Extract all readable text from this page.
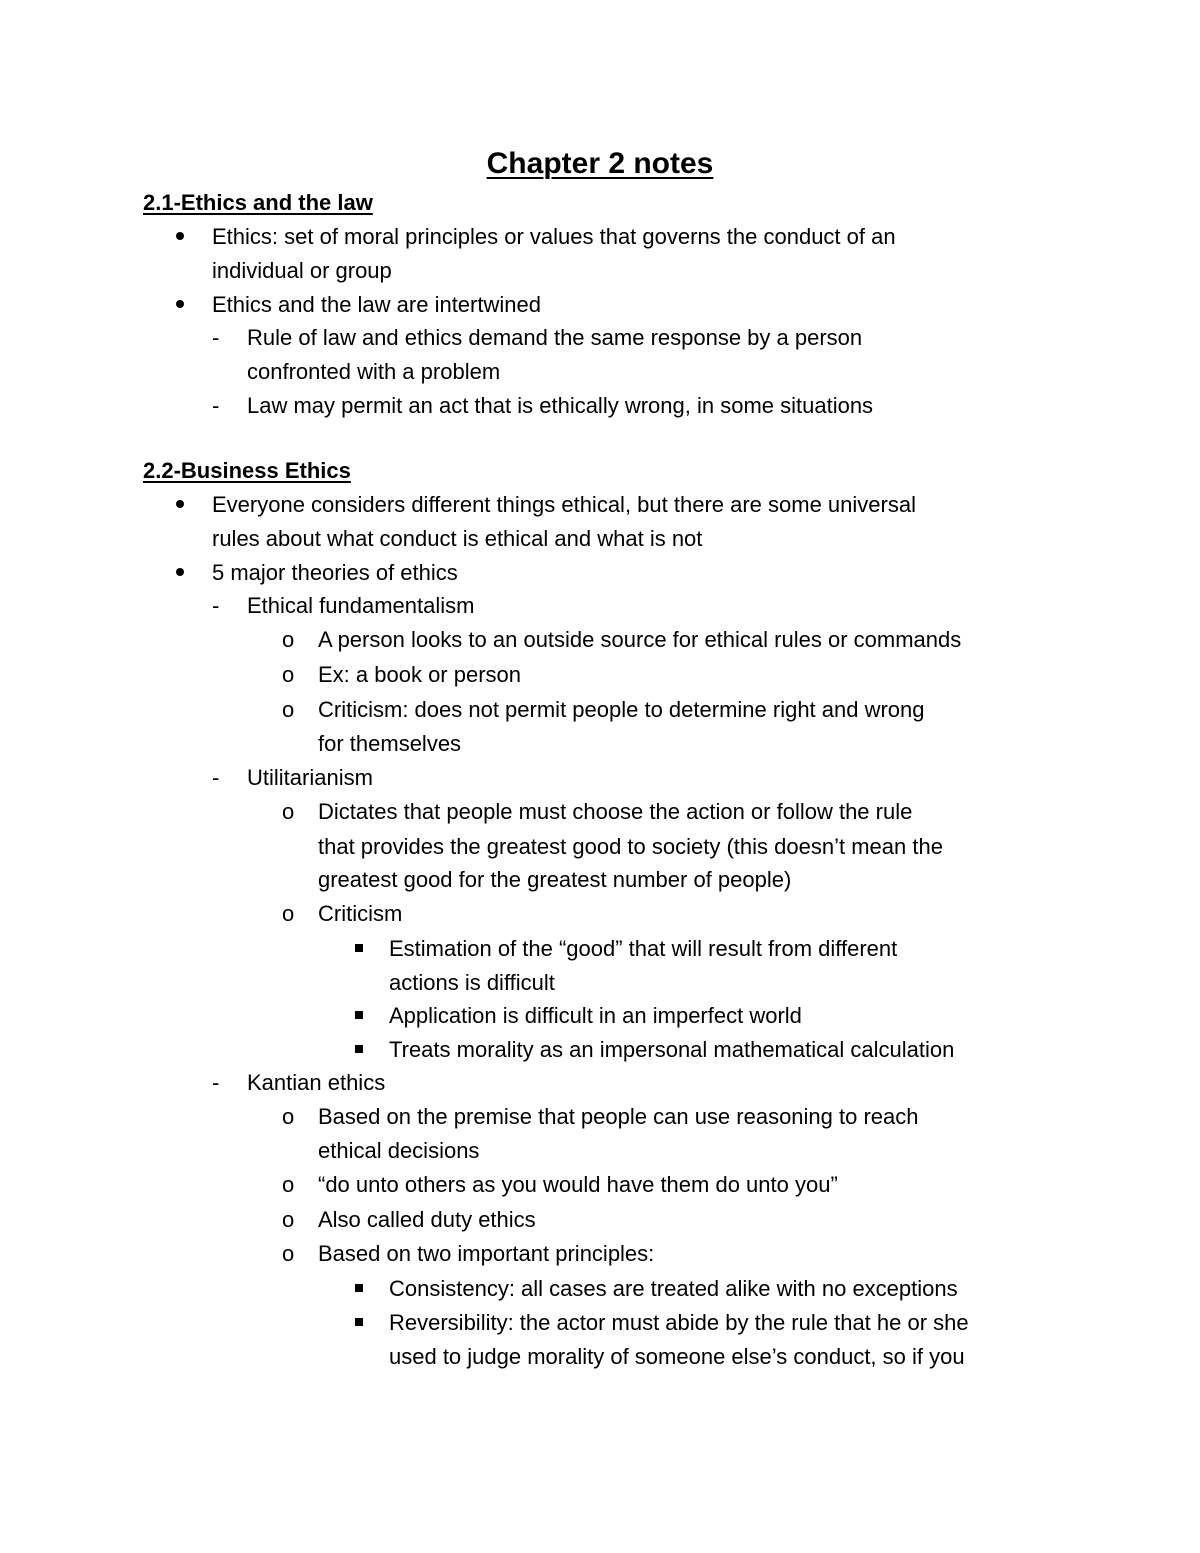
Chapter 2 notes
2.1-Ethics and the law
Ethics: set of moral principles or values that governs the conduct of an
individual or group
Ethics and the law are intertwined
- Rule of law and ethics demand the same response by a person
confronted with a problem
- Law may permit an act that is ethically wrong, in some situations
2.2-Business Ethics
Everyone considers different things ethical, but there are some universal
rules about what conduct is ethical and what is not
5 major theories of ethics
- Ethical fundamentalism
o A person looks to an outside source for ethical rules or commands
o Ex: a book or person
o Criticism: does not permit people to determine right and wrong
for themselves
- Utilitarianism
o Dictates that people must choose the action or follow the rule
that provides the greatest good to society (this doesn’t mean the
greatest good for the greatest number of people)
o Criticism
Estimation of the “good” that will result from different
actions is difficult
Application is difficult in an imperfect world
Treats morality as an impersonal mathematical calculation
- Kantian ethics
o Based on the premise that people can use reasoning to reach
ethical decisions
o “do unto others as you would have them do unto you”
o Also called duty ethics
o Based on two important principles:
Consistency: all cases are treated alike with no exceptions
Reversibility: the actor must abide by the rule that he or she
used to judge morality of someone else’s conduct, so if you
